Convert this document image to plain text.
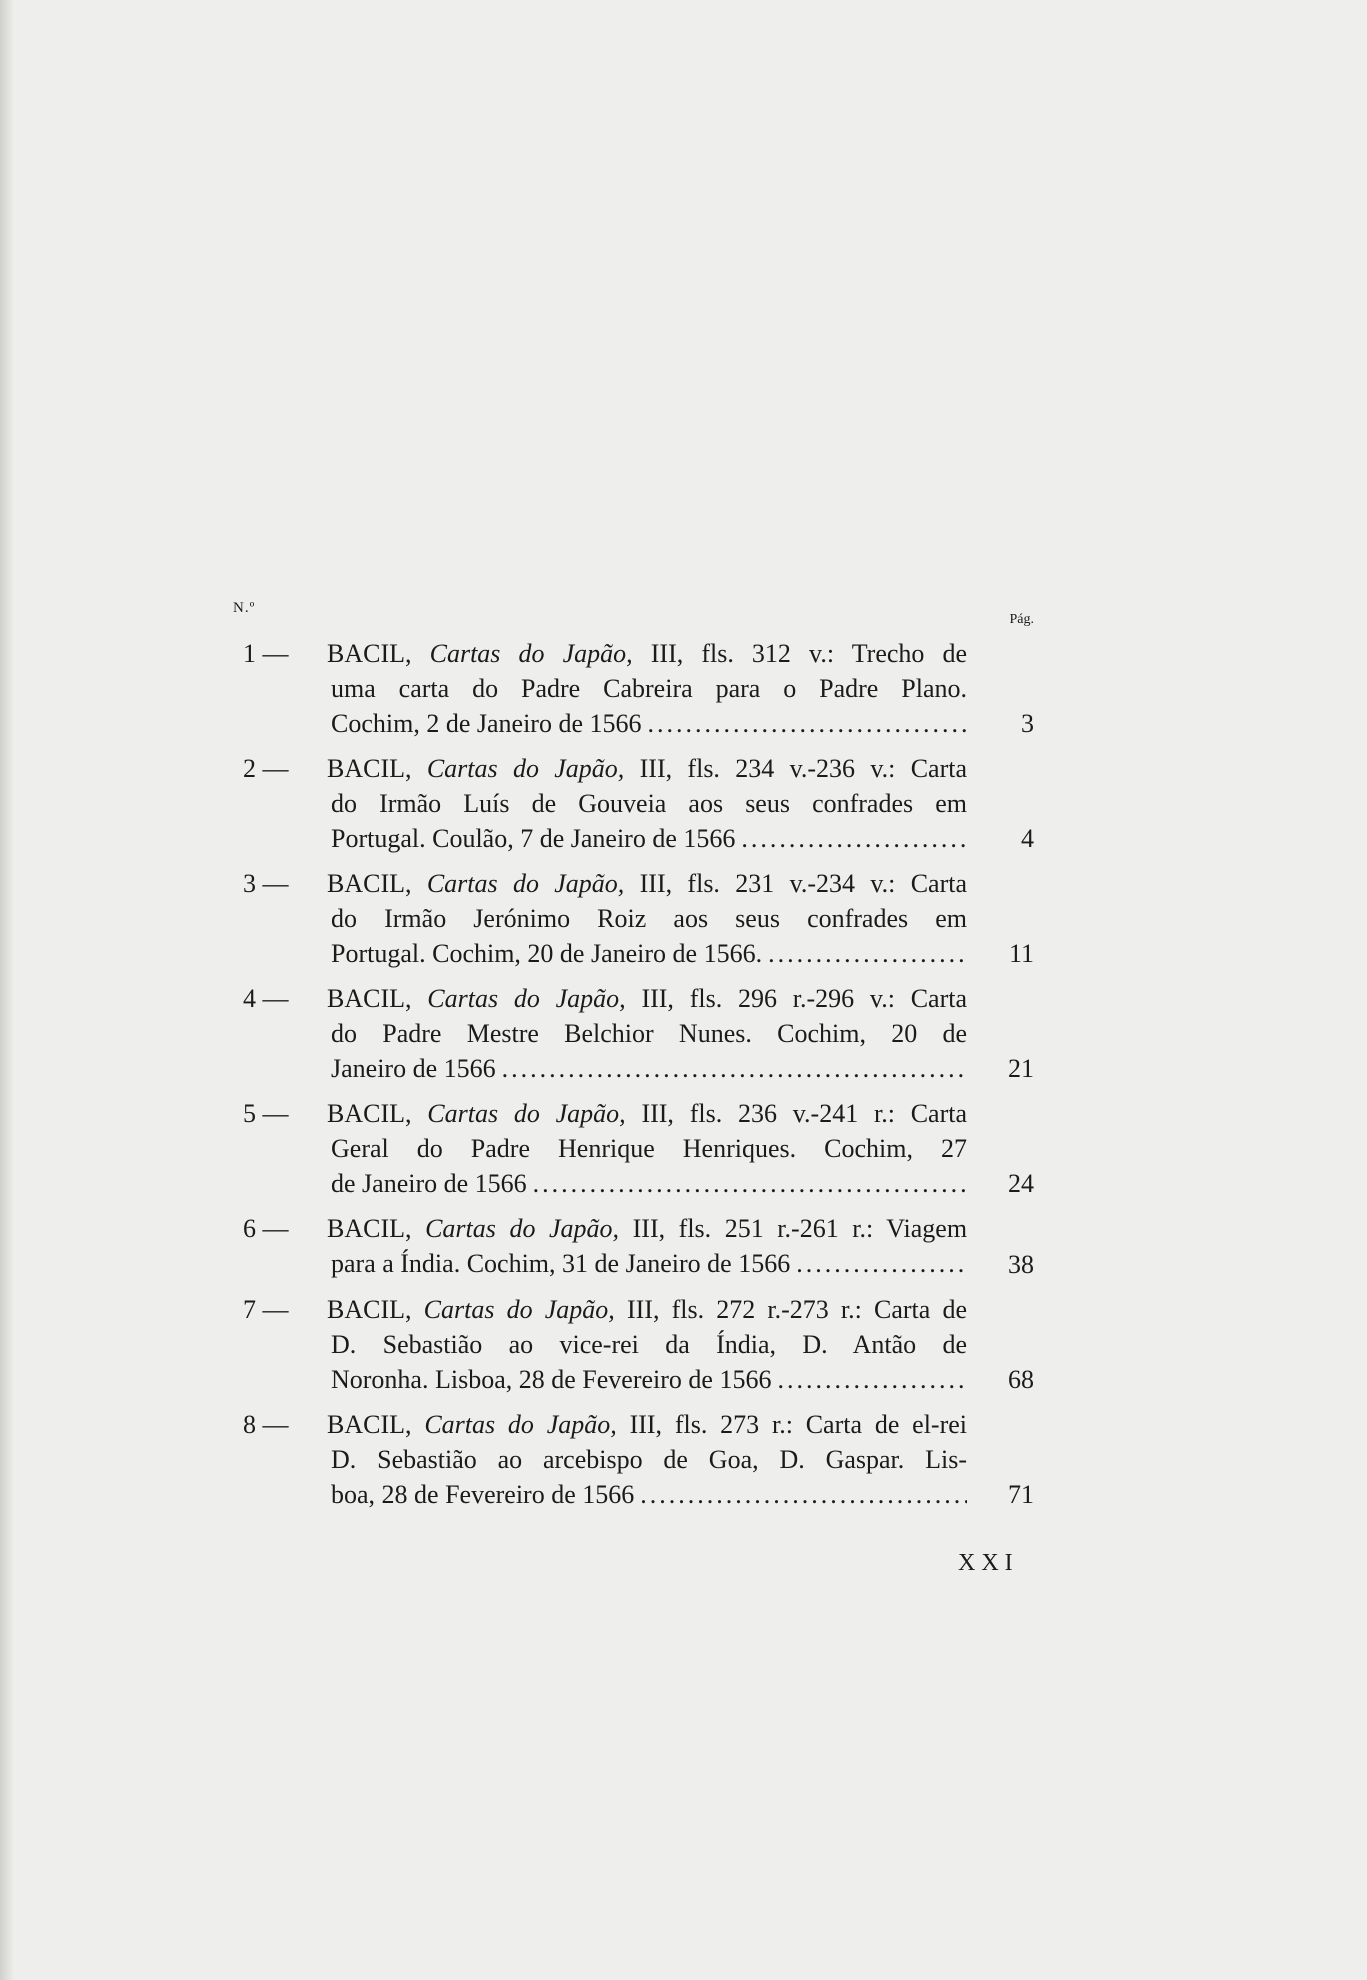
N.º
Pág.
1 — BACIL, Cartas do Japão, III, fls. 312 v.: Trecho de
uma carta do Padre Cabreira para o Padre Plano.
Cochim, 2 de Janeiro de 1566 .....	3
2 — BACIL, Cartas do Japão, III, fls. 234 v.-236 v.: Carta
do Irmão Luís de Gouveia aos seus confrades em
Portugal. Coulão, 7 de Janeiro de 1566 .....	4
3 — BACIL, Cartas do Japão, III, fls. 231 v.-234 v.: Carta
do Irmão Jerónimo Roiz aos seus confrades em
Portugal. Cochim, 20 de Janeiro de 1566. .....	11
4 — BACIL, Cartas do Japão, III, fls. 296 r.-296 v.: Carta
do Padre Mestre Belchior Nunes. Cochim, 20 de
Janeiro de 1566 .....	21
5 — BACIL, Cartas do Japão, III, fls. 236 v.-241 r.: Carta
Geral do Padre Henrique Henriques. Cochim, 27
de Janeiro de 1566 .....	24
6 — BACIL, Cartas do Japão, III, fls. 251 r.-261 r.: Viagem
para a Índia. Cochim, 31 de Janeiro de 1566 .....	38
7 — BACIL, Cartas do Japão, III, fls. 272 r.-273 r.: Carta de
D. Sebastião ao vice-rei da Índia, D. Antão de
Noronha. Lisboa, 28 de Fevereiro de 1566 .....	68
8 — BACIL, Cartas do Japão, III, fls. 273 r.: Carta de el-rei
D. Sebastião ao arcebispo de Goa, D. Gaspar. Lis-
boa, 28 de Fevereiro de 1566 .....	71
XXI
